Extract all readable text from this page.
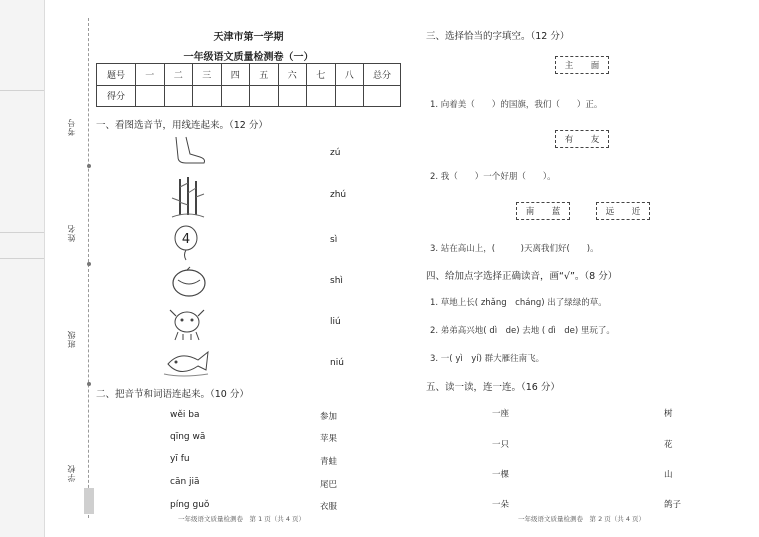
考号
姓名
班级
学校
天津市第一学期
一年级语文质量检测卷（一）
题号	一	二	三	四	五	六	七	八	总分
得分									
一、看图选音节，用线连起来。（12 分）
4
zú
zhú
sì
shì
liú
niú
二、把音节和词语连起来。（10 分）
wěi ba
qīng wā
yī fu
cān jiā
píng guǒ
参加
苹果
青蛙
尾巴
衣服
一年级语文质量检测卷　第 1 页（共 4 页）
三、选择恰当的字填空。（12 分）
主 面
1. 向着美（　　）的国旗，我们（　　）正。
有 友
2. 我（　　）一个好朋（　　）。
南 蓝	远 近
3. 站在高山上，(　　　)天离我们好(　　)。
四、给加点字选择正确读音，画“√”。（8 分）
1. 草地上长( zhǎng　cháng) 出了绿绿的草。
2. 弟弟高兴地( dì　de) 去地 ( dì　de) 里玩了。
3. 一( yì　yí) 群大雁往南飞。
五、读一读，连一连。（16 分）
一座
一只
一棵
一朵
树
花
山
鸽子
一年级语文质量检测卷　第 2 页（共 4 页）
